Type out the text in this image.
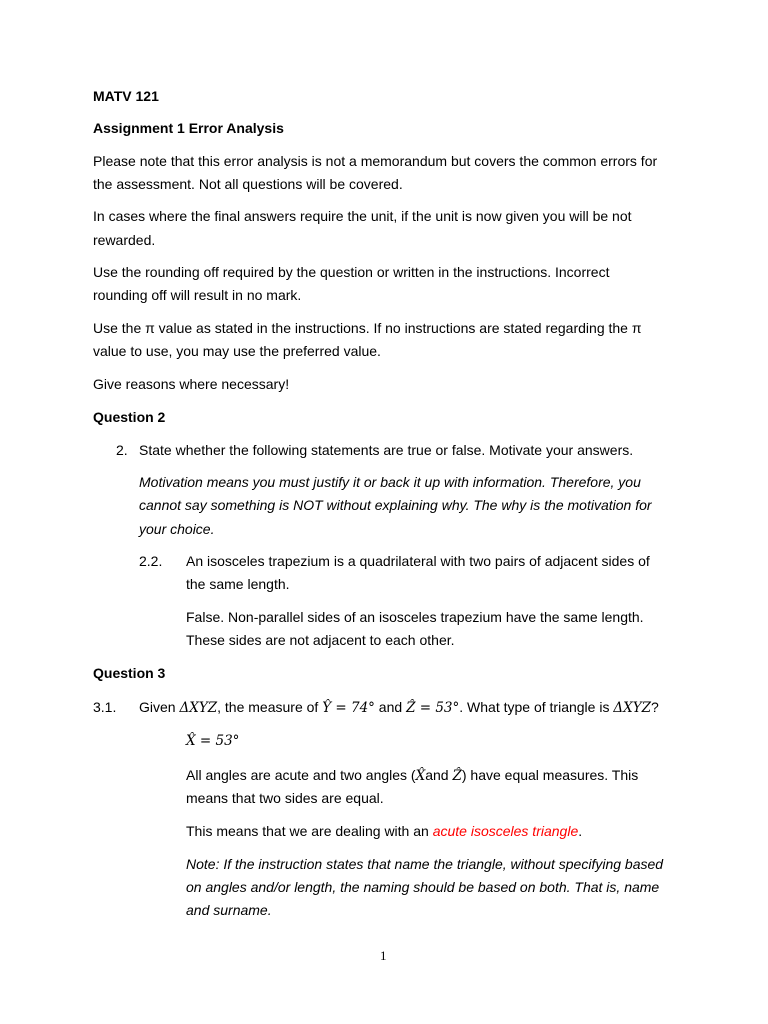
MATV 121

Assignment 1 Error Analysis

Please note that this error analysis is not a memorandum but covers the common errors for

the assessment. Not all questions will be covered.

In cases where the final answers require the unit, if the unit is now given you will be not

rewarded.

Use the rounding off required by the question or written in the instructions. Incorrect

rounding off will result in no mark.

Use the π value as stated in the instructions. If no instructions are stated regarding the π

value to use, you may use the preferred value.

Give reasons where necessary!

Question 2

2. State whether the following statements are true or false. Motivate your answers.

Motivation means you must justify it or back it up with information. Therefore, you

cannot say something is NOT without explaining why. The why is the motivation for

your choice.

2.2. An isosceles trapezium is a quadrilateral with two pairs of adjacent sides of

the same length.

False. Non-parallel sides of an isosceles trapezium have the same length.

These sides are not adjacent to each other.

Question 3

3.1. Given ΔXYZ, the measure of Ŷ = 74° and Ẑ = 53°. What type of triangle is ΔXYZ?

X̂ = 53°

All angles are acute and two angles (X̂and Ẑ) have equal measures. This

means that two sides are equal.

This means that we are dealing with an acute isosceles triangle.

Note: If the instruction states that name the triangle, without specifying based

on angles and/or length, the naming should be based on both. That is, name

and surname.

1
